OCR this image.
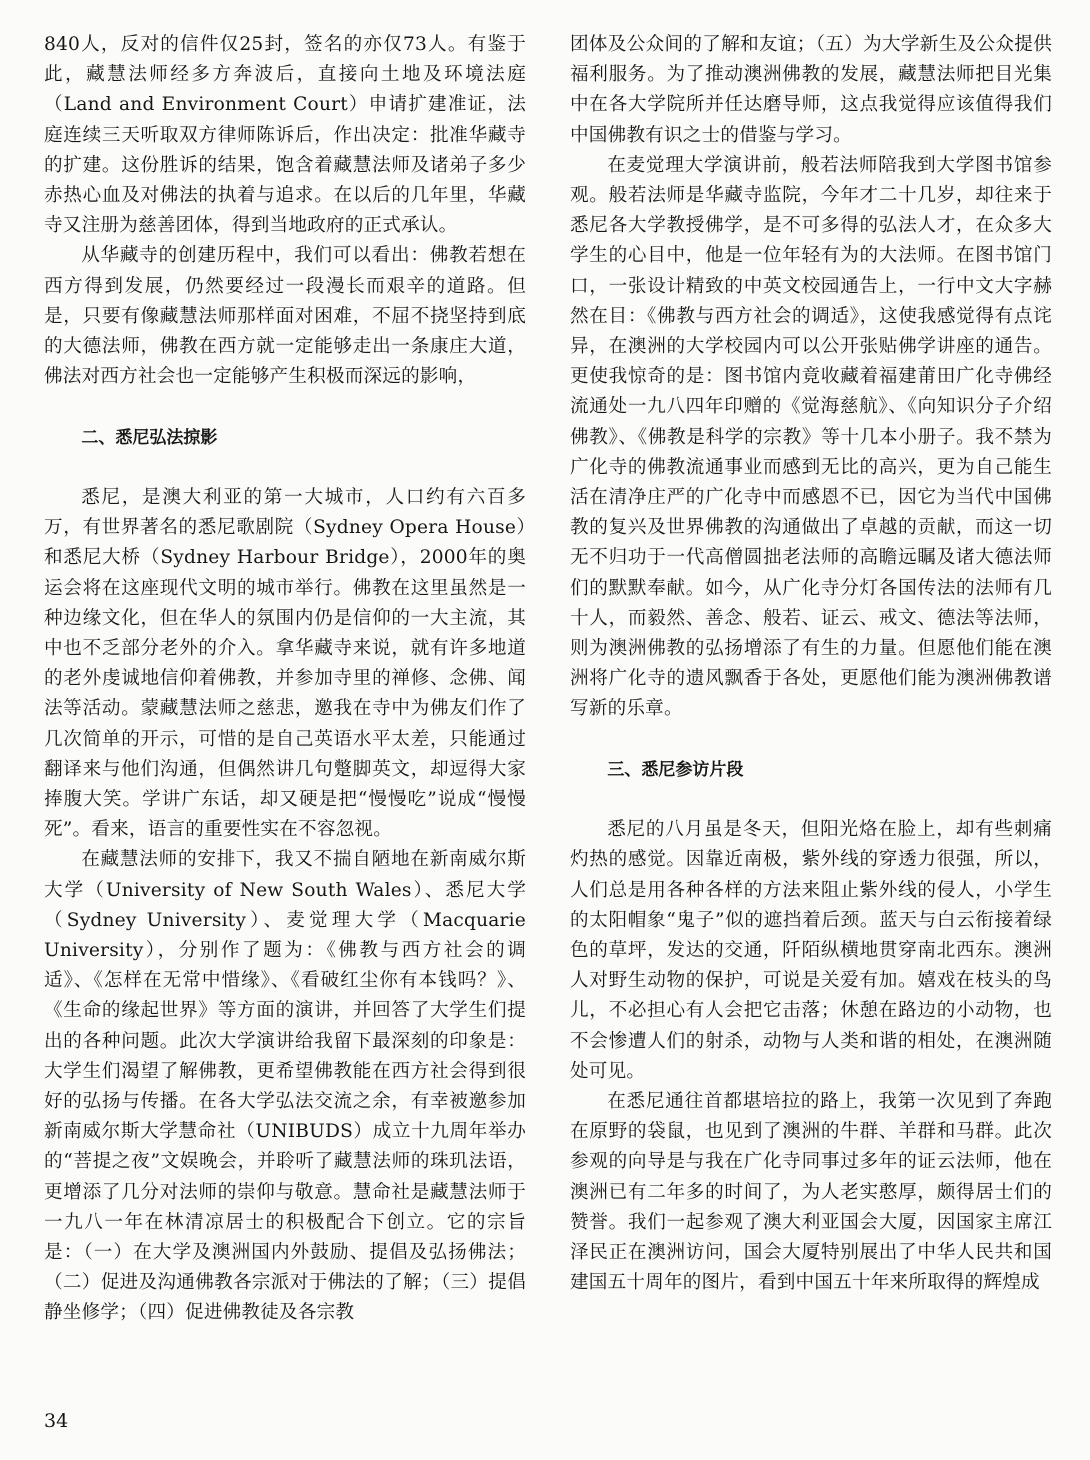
840人，反对的信件仅25封，签名的亦仅73人。有鉴于此，藏慧法师经多方奔波后，直接向土地及环境法庭（Land and Environment Court）申请扩建准证，法庭连续三天听取双方律师陈诉后，作出决定：批准华藏寺的扩建。这份胜诉的结果，饱含着藏慧法师及诸弟子多少赤热心血及对佛法的执着与追求。在以后的几年里，华藏寺又注册为慈善团体，得到当地政府的正式承认。

从华藏寺的创建历程中，我们可以看出：佛教若想在西方得到发展，仍然要经过一段漫长而艰辛的道路。但是，只要有像藏慧法师那样面对困难，不屈不挠坚持到底的大德法师，佛教在西方就一定能够走出一条康庄大道，佛法对西方社会也一定能够产生积极而深远的影响，

二、悉尼弘法掠影

悉尼，是澳大利亚的第一大城市，人口约有六百多万，有世界著名的悉尼歌剧院（Sydney Opera House）和悉尼大桥（Sydney Harbour Bridge），2000年的奥运会将在这座现代文明的城市举行。佛教在这里虽然是一种边缘文化，但在华人的氛围内仍是信仰的一大主流，其中也不乏部分老外的介入。拿华藏寺来说，就有许多地道的老外虔诚地信仰着佛教，并参加寺里的禅修、念佛、闻法等活动。蒙藏慧法师之慈悲，邀我在寺中为佛友们作了几次简单的开示，可惜的是自己英语水平太差，只能通过翻译来与他们沟通，但偶然讲几句蹩脚英文，却逗得大家捧腹大笑。学讲广东话，却又硬是把“慢慢吃”说成“慢慢死”。看来，语言的重要性实在不容忽视。

在藏慧法师的安排下，我又不揣自陋地在新南威尔斯大学（University of New South Wales）、悉尼大学（Sydney University）、麦觉理大学（Macquarie University），分别作了题为：《佛教与西方社会的调适》、《怎样在无常中惜缘》、《看破红尘你有本钱吗？》、《生命的缘起世界》等方面的演讲，并回答了大学生们提出的各种问题。此次大学演讲给我留下最深刻的印象是：大学生们渴望了解佛教，更希望佛教能在西方社会得到很好的弘扬与传播。在各大学弘法交流之余，有幸被邀参加新南威尔斯大学慧命社（UNIBUDS）成立十九周年举办的“菩提之夜”文娱晚会，并聆听了藏慧法师的珠玑法语，更增添了几分对法师的崇仰与敬意。慧命社是藏慧法师于一九八一年在林清凉居士的积极配合下创立。它的宗旨是：（一）在大学及澳洲国内外鼓励、提倡及弘扬佛法；（二）促进及沟通佛教各宗派对于佛法的了解；（三）提倡静坐修学；（四）促进佛教徒及各宗教

团体及公众间的了解和友谊；（五）为大学新生及公众提供福利服务。为了推动澳洲佛教的发展，藏慧法师把目光集中在各大学院所并任达磨导师，这点我觉得应该值得我们中国佛教有识之士的借鉴与学习。

在麦觉理大学演讲前，般若法师陪我到大学图书馆参观。般若法师是华藏寺监院，今年才二十几岁，却往来于悉尼各大学教授佛学，是不可多得的弘法人才，在众多大学生的心目中，他是一位年轻有为的大法师。在图书馆门口，一张设计精致的中英文校园通告上，一行中文大字赫然在目：《佛教与西方社会的调适》，这使我感觉得有点诧异，在澳洲的大学校园内可以公开张贴佛学讲座的通告。更使我惊奇的是：图书馆内竟收藏着福建莆田广化寺佛经流通处一九八四年印赠的《觉海慈航》、《向知识分子介绍佛教》、《佛教是科学的宗教》等十几本小册子。我不禁为广化寺的佛教流通事业而感到无比的高兴，更为自己能生活在清净庄严的广化寺中而感恩不已，因它为当代中国佛教的复兴及世界佛教的沟通做出了卓越的贡献，而这一切无不归功于一代高僧圆拙老法师的高瞻远瞩及诸大德法师们的默默奉献。如今，从广化寺分灯各国传法的法师有几十人，而毅然、善念、般若、证云、戒文、德法等法师，则为澳洲佛教的弘扬增添了有生的力量。但愿他们能在澳洲将广化寺的遗风飘香于各处，更愿他们能为澳洲佛教谱写新的乐章。

三、悉尼参访片段

悉尼的八月虽是冬天，但阳光烙在脸上，却有些刺痛灼热的感觉。因靠近南极，紫外线的穿透力很强，所以，人们总是用各种各样的方法来阻止紫外线的侵人，小学生的太阳帽象“鬼子”似的遮挡着后颈。蓝天与白云衔接着绿色的草坪，发达的交通，阡陌纵横地贯穿南北西东。澳洲人对野生动物的保护，可说是关爱有加。嬉戏在枝头的鸟儿，不必担心有人会把它击落；休憩在路边的小动物，也不会惨遭人们的射杀，动物与人类和谐的相处，在澳洲随处可见。

在悉尼通往首都堪培拉的路上，我第一次见到了奔跑在原野的袋鼠，也见到了澳洲的牛群、羊群和马群。此次参观的向导是与我在广化寺同事过多年的证云法师，他在澳洲已有二年多的时间了，为人老实憨厚，颇得居士们的赞誉。我们一起参观了澳大利亚国会大厦，因国家主席江泽民正在澳洲访问，国会大厦特别展出了中华人民共和国建国五十周年的图片，看到中国五十年来所取得的辉煌成

34
